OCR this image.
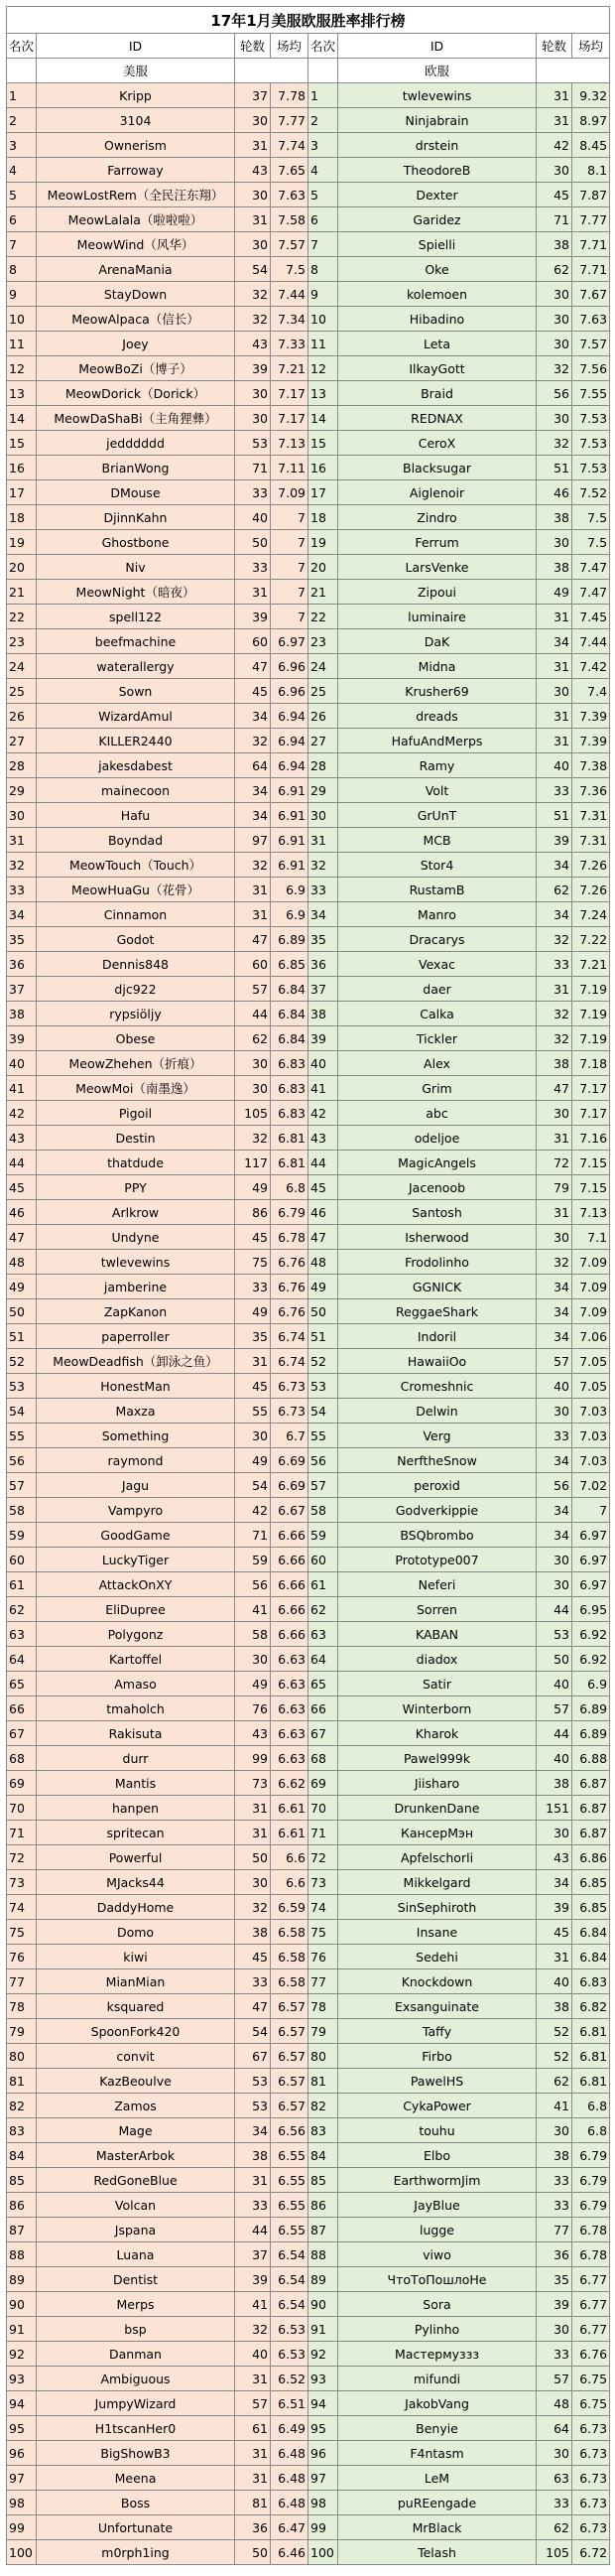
17年1月美服欧服胜率排行榜							
名次	ID	轮数	场均	名次	ID	轮数	场均
	美服				欧服		
1	Kripp	37	7.78	1	twlevewins	31	9.32
2	3104	30	7.77	2	Ninjabrain	31	8.97
3	Ownerism	31	7.74	3	drstein	42	8.45
4	Farroway	43	7.65	4	TheodoreB	30	8.1
5	MeowLostRem（全民汪东翔）	30	7.63	5	Dexter	45	7.87
6	MeowLalala（啦啦啦）	31	7.58	6	Garidez	71	7.77
7	MeowWind（风华）	30	7.57	7	Spielli	38	7.71
8	ArenaMania	54	7.5	8	Oke	62	7.71
9	StayDown	32	7.44	9	kolemoen	30	7.67
10	MeowAlpaca（信长）	32	7.34	10	Hibadino	30	7.63
11	Joey	43	7.33	11	Leta	30	7.57
12	MeowBoZi（博子）	39	7.21	12	IlkayGott	32	7.56
13	MeowDorick（Dorick）	30	7.17	13	Braid	56	7.55
14	MeowDaShaBi（主角狸彝）	30	7.17	14	REDNAX	30	7.53
15	jedddddd	53	7.13	15	CeroX	32	7.53
16	BrianWong	71	7.11	16	Blacksugar	51	7.53
17	DMouse	33	7.09	17	Aiglenoir	46	7.52
18	DjinnKahn	40	7	18	Zindro	38	7.5
19	Ghostbone	50	7	19	Ferrum	30	7.5
20	Niv	33	7	20	LarsVenke	38	7.47
21	MeowNight（暗夜）	31	7	21	Zipoui	49	7.47
22	spell122	39	7	22	luminaire	31	7.45
23	beefmachine	60	6.97	23	DaK	34	7.44
24	waterallergy	47	6.96	24	Midna	31	7.42
25	Sown	45	6.96	25	Krusher69	30	7.4
26	WizardAmul	34	6.94	26	dreads	31	7.39
27	KILLER2440	32	6.94	27	HafuAndMerps	31	7.39
28	jakesdabest	64	6.94	28	Ramy	40	7.38
29	mainecoon	34	6.91	29	Volt	33	7.36
30	Hafu	34	6.91	30	GrUnT	51	7.31
31	Boyndad	97	6.91	31	MCB	39	7.31
32	MeowTouch（Touch）	32	6.91	32	Stor4	34	7.26
33	MeowHuaGu（花骨）	31	6.9	33	RustamB	62	7.26
34	Cinnamon	31	6.9	34	Manro	34	7.24
35	Godot	47	6.89	35	Dracarys	32	7.22
36	Dennis848	60	6.85	36	Vexac	33	7.21
37	djc922	57	6.84	37	daer	31	7.19
38	rypsiöljy	44	6.84	38	Calka	32	7.19
39	Obese	62	6.84	39	Tickler	32	7.19
40	MeowZhehen（折痕）	30	6.83	40	Alex	38	7.18
41	MeowMoi（南墨逸）	30	6.83	41	Grim	47	7.17
42	Pigoil	105	6.83	42	abc	30	7.17
43	Destin	32	6.81	43	odeljoe	31	7.16
44	thatdude	117	6.81	44	MagicAngels	72	7.15
45	PPY	49	6.8	45	Jacenoob	79	7.15
46	Arlkrow	86	6.79	46	Santosh	31	7.13
47	Undyne	45	6.78	47	Isherwood	30	7.1
48	twlevewins	75	6.76	48	Frodolinho	32	7.09
49	jamberine	33	6.76	49	GGNICK	34	7.09
50	ZapKanon	49	6.76	50	ReggaeShark	34	7.09
51	paperroller	35	6.74	51	Indoril	34	7.06
52	MeowDeadfish（卸泳之鱼）	31	6.74	52	HawaiiOo	57	7.05
53	HonestMan	45	6.73	53	Cromeshnic	40	7.05
54	Maxza	55	6.73	54	Delwin	30	7.03
55	Something	30	6.7	55	Verg	33	7.03
56	raymond	49	6.69	56	NerftheSnow	34	7.03
57	Jagu	54	6.69	57	peroxid	56	7.02
58	Vampyro	42	6.67	58	Godverkippie	34	7
59	GoodGame	71	6.66	59	BSQbrombo	34	6.97
60	LuckyTiger	59	6.66	60	Prototype007	30	6.97
61	AttackOnXY	56	6.66	61	Neferi	30	6.97
62	EliDupree	41	6.66	62	Sorren	44	6.95
63	Polygonz	58	6.66	63	KABAN	53	6.92
64	Kartoffel	30	6.63	64	diadox	50	6.92
65	Amaso	49	6.63	65	Satir	40	6.9
66	tmaholch	76	6.63	66	Winterborn	57	6.89
67	Rakisuta	43	6.63	67	Kharok	44	6.89
68	durr	99	6.63	68	Pawel999k	40	6.88
69	Mantis	73	6.62	69	Jiisharo	38	6.87
70	hanpen	31	6.61	70	DrunkenDane	151	6.87
71	spritecan	31	6.61	71	КансерМэн	30	6.87
72	Powerful	50	6.6	72	Apfelschorli	43	6.86
73	MJacks44	30	6.6	73	Mikkelgard	34	6.85
74	DaddyHome	32	6.59	74	SinSephiroth	39	6.85
75	Domo	38	6.58	75	Insane	45	6.84
76	kiwi	45	6.58	76	Sedehi	31	6.84
77	MianMian	33	6.58	77	Knockdown	40	6.83
78	ksquared	47	6.57	78	Exsanguinate	38	6.82
79	SpoonFork420	54	6.57	79	Taffy	52	6.81
80	convit	67	6.57	80	Firbo	52	6.81
81	KazBeoulve	53	6.57	81	PawelHS	62	6.81
82	Zamos	53	6.57	82	CykaPower	41	6.8
83	Mage	34	6.56	83	touhu	30	6.8
84	MasterArbok	38	6.55	84	Elbo	38	6.79
85	RedGoneBlue	31	6.55	85	EarthwormJim	33	6.79
86	Volcan	33	6.55	86	JayBlue	33	6.79
87	Jspana	44	6.55	87	lugge	77	6.78
88	Luana	37	6.54	88	viwo	36	6.78
89	Dentist	39	6.54	89	ЧтоТоПошлоНе	35	6.77
90	Merps	41	6.54	90	Sora	39	6.77
91	bsp	32	6.53	91	Pylinho	30	6.77
92	Danman	40	6.53	92	Мастермуззз	33	6.76
93	Ambiguous	31	6.52	93	mifundi	57	6.75
94	JumpyWizard	57	6.51	94	JakobVang	48	6.75
95	H1tscanHer0	61	6.49	95	Benyie	64	6.73
96	BigShowB3	31	6.48	96	F4ntasm	30	6.73
97	Meena	31	6.48	97	LeM	63	6.73
98	Boss	81	6.48	98	puREengade	33	6.73
99	Unfortunate	36	6.47	99	MrBlack	62	6.73
100	m0rph1ing	50	6.46	100	Telash	105	6.72
